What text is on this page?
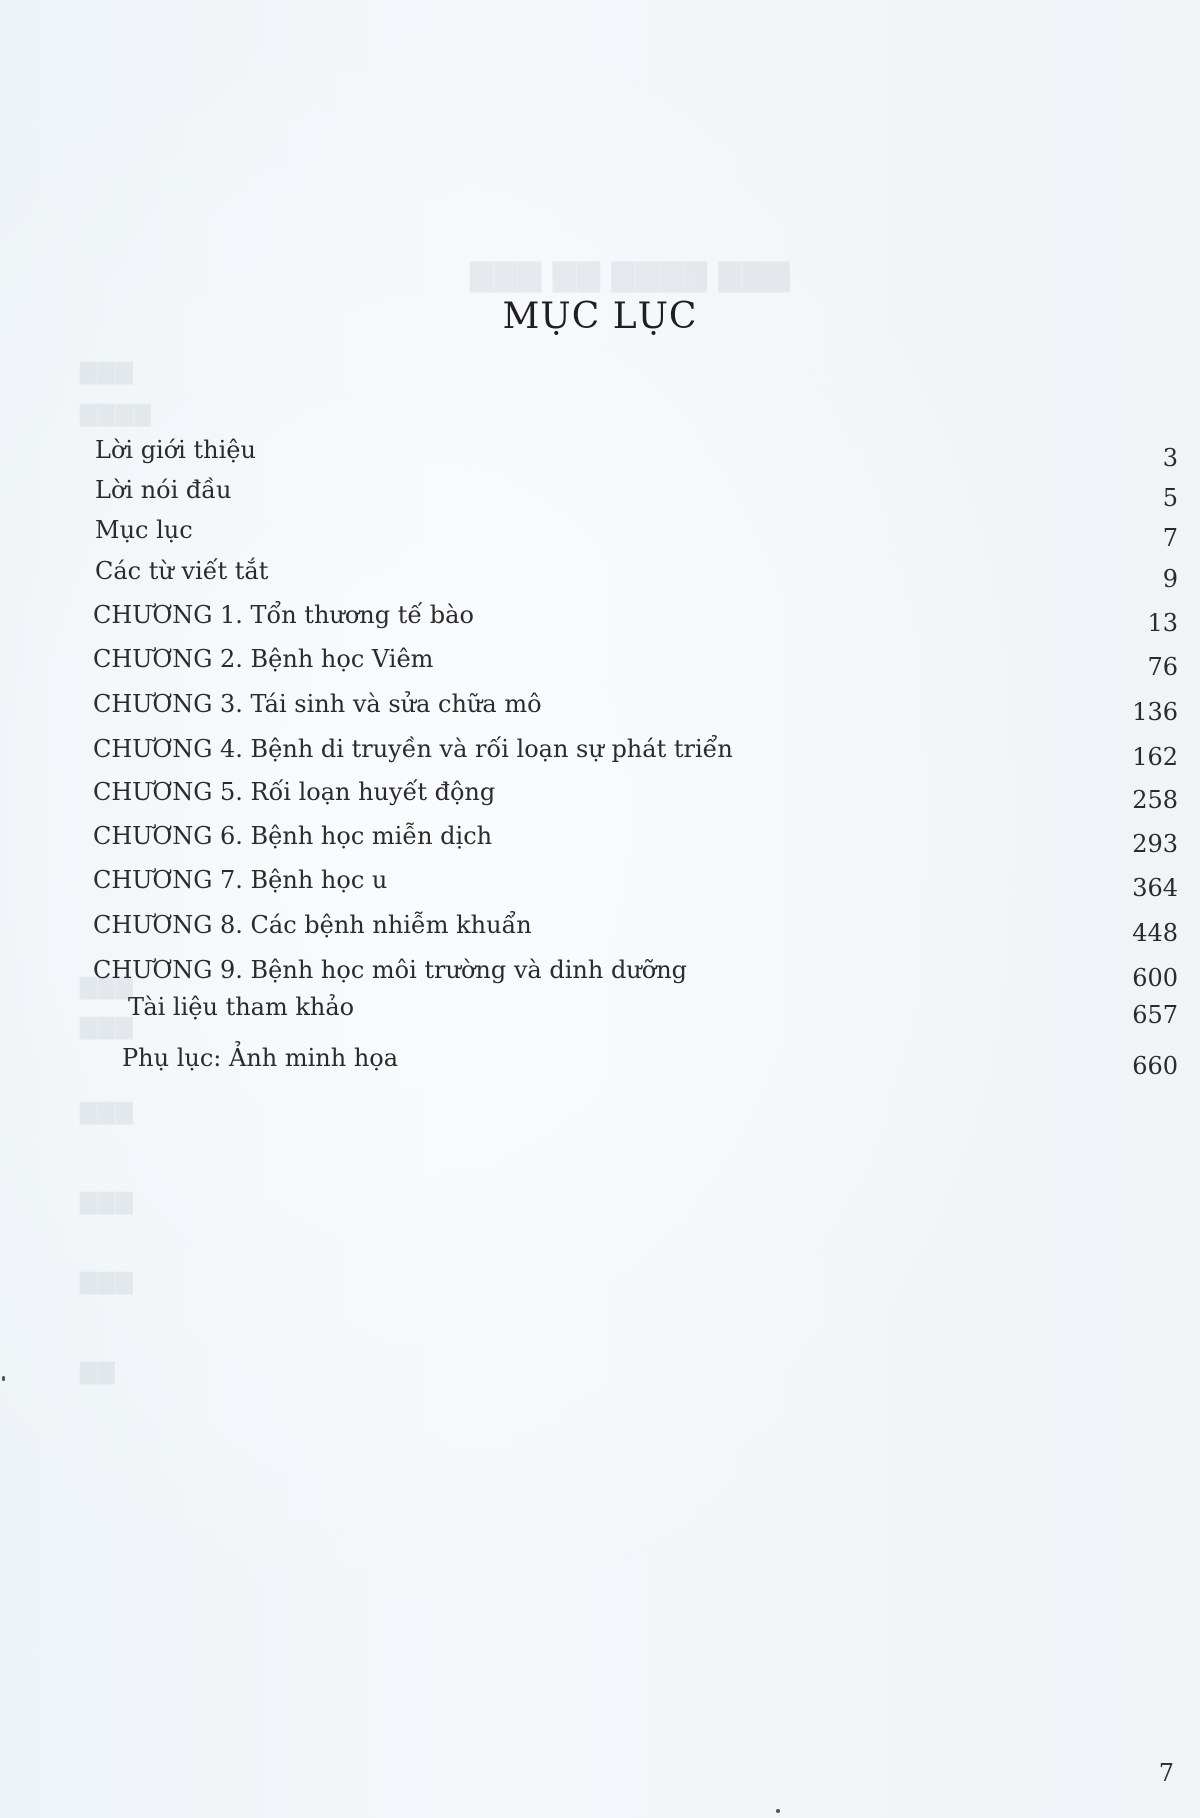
▇▇▇ ▇▇ ▇▇▇▇ ▇▇▇
▇▇▇
▇▇▇▇
▇▇▇
▇▇▇
▇▇▇
▇▇▇
▇▇▇
▇▇
MỤC LỤC
Lời giới thiệu	3
Lời nói đầu	5
Mục lục	7
Các từ viết tắt	9
CHƯƠNG 1. Tổn thương tế bào	13
CHƯƠNG 2. Bệnh học Viêm	76
CHƯƠNG 3. Tái sinh và sửa chữa mô	136
CHƯƠNG 4. Bệnh di truyền và rối loạn sự phát triển	162
CHƯƠNG 5. Rối loạn huyết động	258
CHƯƠNG 6. Bệnh học miễn dịch	293
CHƯƠNG 7. Bệnh học u	364
CHƯƠNG 8. Các bệnh nhiễm khuẩn	448
CHƯƠNG 9. Bệnh học môi trường và dinh dưỡng	600
Tài liệu tham khảo	657
Phụ lục: Ảnh minh họa	660
7
